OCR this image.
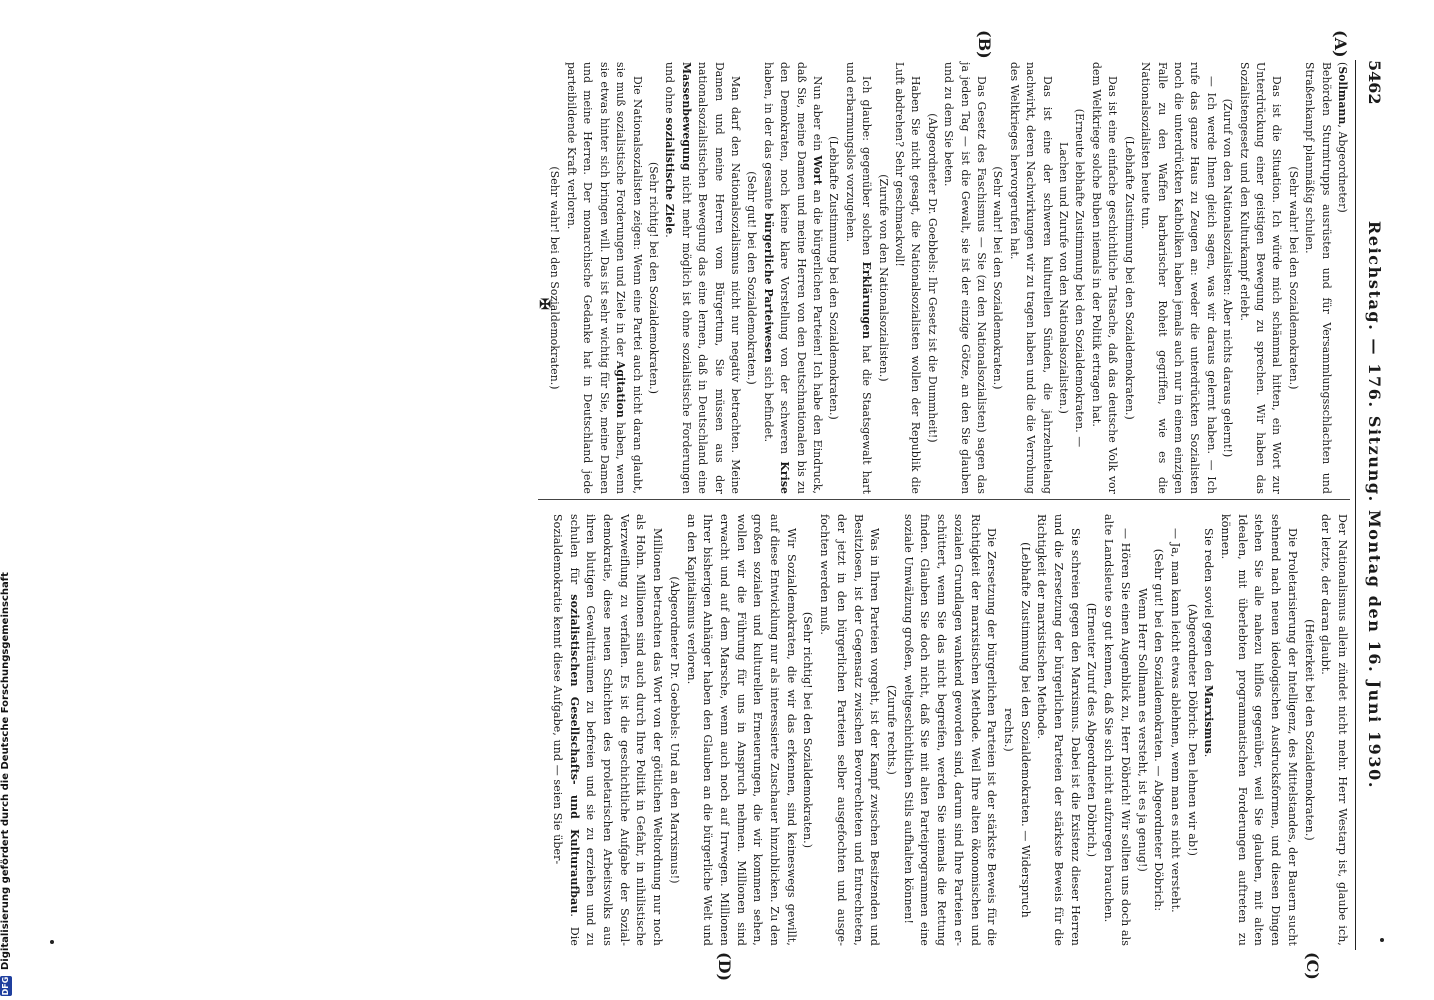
5462
Reichstag. — 176. Sitzung. Montag den 16. Juni 1930.

(Sollmann, Abgeordneter)

Behörden Sturmtrupps ausrüsten und für Versammlungsschlachten und Straßenkampf planmäßig schulen.

(Sehr wahr! bei den Sozialdemokraten.)

Das ist die Situation. Ich würde mich schämmal hitten, ein Wort zur Unterdrückung einer geistigen Bewegung zu sprechen. Wir haben das Sozialistengesetz und den Kulturkampf erlebt.

(Zuruf von den Nationalsozialisten: Aber nichts daraus gelernt!)

— Ich werde Ihnen gleich sagen, was wir daraus gelernt haben. — Ich rufe das ganze Haus zu Zeugen an: weder die unterdrückten Sozialisten noch die unterdrückten Katholiken haben jemals auch nur in einem einzigen Falle zu den Waffen barbarischer Roheit gegriffen, wie es die Nationalsozialisten heute tun.

(Lebhafte Zustimmung bei den Sozialdemokraten.)

Das ist eine einfache geschichtliche Tatsache, daß das deutsche Volk vor dem Weltkriege solche Buben niemals in der Politik ertragen hat.

(Erneute lebhafte Zustimmung bei den Sozialdemokraten. — Lachen und Zurufe von den Nationalsozialisten.)

Das ist eine der schweren kulturellen Sünden, die jahrzehntelang nachwirkt, deren Nachwirkungen wir zu tragen haben und die die Verrohung des Weltkrieges hervorgerufen hat.

(Sehr wahr! bei den Sozialdemokraten.)

Das Gesetz des Faschismus — Sie (zu den Nationalsozialisten) sagen das ja jeden Tag — ist die Gewalt, sie ist der einzige Götze, an den Sie glauben und zu dem Sie beten.

(Abgeordneter Dr. Goebbels: Ihr Gesetz ist die Dummheit!)

Haben Sie nicht gesagt, die Nationalsozialisten wollen der Republik die Luft abdrehen? Sehr geschmackvoll!

(Zurufe von den Nationalsozialisten.)

Ich glaube: gegenüber solchen Erklärungen hat die Staatsgewalt hart und erbarmungslos vorzugehen.

(Lebhafte Zustimmung bei den Sozialdemokraten.)

Nun aber ein Wort an die bürgerlichen Parteien! Ich habe den Eindruck, daß Sie, meine Damen und meine Herren von den Deutschnationalen bis zu den Demokraten, noch keine klare Vorstellung von der schweren Krise haben, in der das gesamte bürgerliche Parteiwesen sich befindet.

(Sehr gut! bei den Sozialdemokraten.)

Man darf den Nationalsozialismus nicht nur negativ betrachten. Meine Damen und meine Herren vom Bürgertum, Sie müssen aus der nationalsozialistischen Bewegung das eine lernen, daß in Deutschland eine Massenbewegung nicht mehr möglich ist ohne sozialistische Forderungen und ohne sozialistische Ziele.

(Sehr richtig! bei den Sozialdemokraten.)

Die Nationalsozialisten zeigen: Wenn eine Partei auch nicht daran glaubt, sie muß sozialistische Forderungen und Ziele in der Agitation haben, wenn sie etwas hinter sich bringen will. Das ist sehr wichtig für Sie, meine Damen und meine Herren. Der monarchische Gedanke hat in Deutschland jede parteibildende Kraft verloren.

(Sehr wahr! bei den Sozialdemokraten.)

Der Nationalismus allein zündet nicht mehr. Herr Westarp ist, glaube ich, der letzte, der daran glaubt.

(Heiterkeit bei den Sozialdemokraten.)

Die Proletarisierung der Intelligenz, des Mittelstandes, der Bauern sucht sehnend nach neuen ideologischen Ausdrucksformen, und diesen Dingen stehen Sie alle nahezu hilflos gegenüber, weil Sie glauben, mit alten Idealen, mit überlebten programmatischen Forderungen auftreten zu können.

Sie reden soviel gegen den Marxismus.

(Abgeordneter Döbrich: Den lehnen wir ab!)

— Ja, man kann leicht etwas ablehnen, wenn man es nicht versteht.

(Sehr gut! bei den Sozialdemokraten. — Abgeordneter Döbrich: Wenn Herr Sollmann es versteht, ist es ja genug!)

— Hören Sie einen Augenblick zu, Herr Döbrich! Wir sollten uns doch als alte Landsleute so gut kennen, daß Sie sich nicht aufzuregen brauchen.

(Erneuter Zuruf des Abgeordneten Döbrich.)

Sie schreien gegen den Marxismus. Dabei ist die Existenz dieser Herren und die Zersetzung der bürgerlichen Parteien der stärkste Beweis für die Richtigkeit der marxistischen Methode.

(Lebhafte Zustimmung bei den Sozialdemokraten. — Widerspruch rechts.)

Die Zersetzung der bürgerlichen Parteien ist der stärkste Beweis für die Richtigkeit der marxistischen Methode. Weil Ihre alten ökonomischen und sozialen Grundlagen wankend geworden sind, darum sind Ihre Parteien erschüttert, wenn Sie das nicht begreifen, werden Sie niemals die Rettung finden. Glauben Sie doch nicht, daß Sie mit alten Parteiprogrammen eine soziale Umwälzung großen, weltgeschichtlichen Stils aufhalten können!

(Zurufe rechts.)

Was in Ihren Parteien vorgeht, ist der Kampf zwischen Besitzenden und Besitzlosen, ist der Gegensatz zwischen Bevorrechteten und Entrechteten, der jetzt in den bürgerlichen Parteien selber ausgefochten und ausgefochten werden muß.

(Sehr richtig! bei den Sozialdemokraten.)

Wir Sozialdemokraten, die wir das erkennen, sind keineswegs gewillt, auf diese Entwicklung nur als interessierte Zuschauer hinzublicken. Zu den großen sozialen und kulturellen Erneuerungen, die wir kommen sehen, wollen wir die Führung für uns in Anspruch nehmen. Millionen sind erwacht und auf dem Marsche, wenn auch noch auf Irrwegen. Millionen Ihrer bisherigen Anhänger haben den Glauben an die bürgerliche Welt und an den Kapitalismus verloren.

(Abgeordneter Dr. Goebbels: Und an den Marxismus!)

Millionen betrachten das Wort von der göttlichen Weltordnung nur noch als Hohn. Millionen sind auch durch Ihre Politik in Gefahr, in nihilistische Verzweiflung zu verfallen. Es ist die geschichtliche Aufgabe der Sozialdemokratie, diese neuen Schichten des proletarischen Arbeitsvolks aus ihren blutigen Gewaltträumen zu befreien und sie zu erziehen und zu schulen für sozialistischen Gesellschafts- und Kulturaufbau. Die Sozialdemokratie kennt diese Aufgabe, und — seien Sie über-

(A)
(B)
(C)
(D)
✠
DFG
Digitalisierung gefördert durch die Deutsche Forschungsgemeinschaft
